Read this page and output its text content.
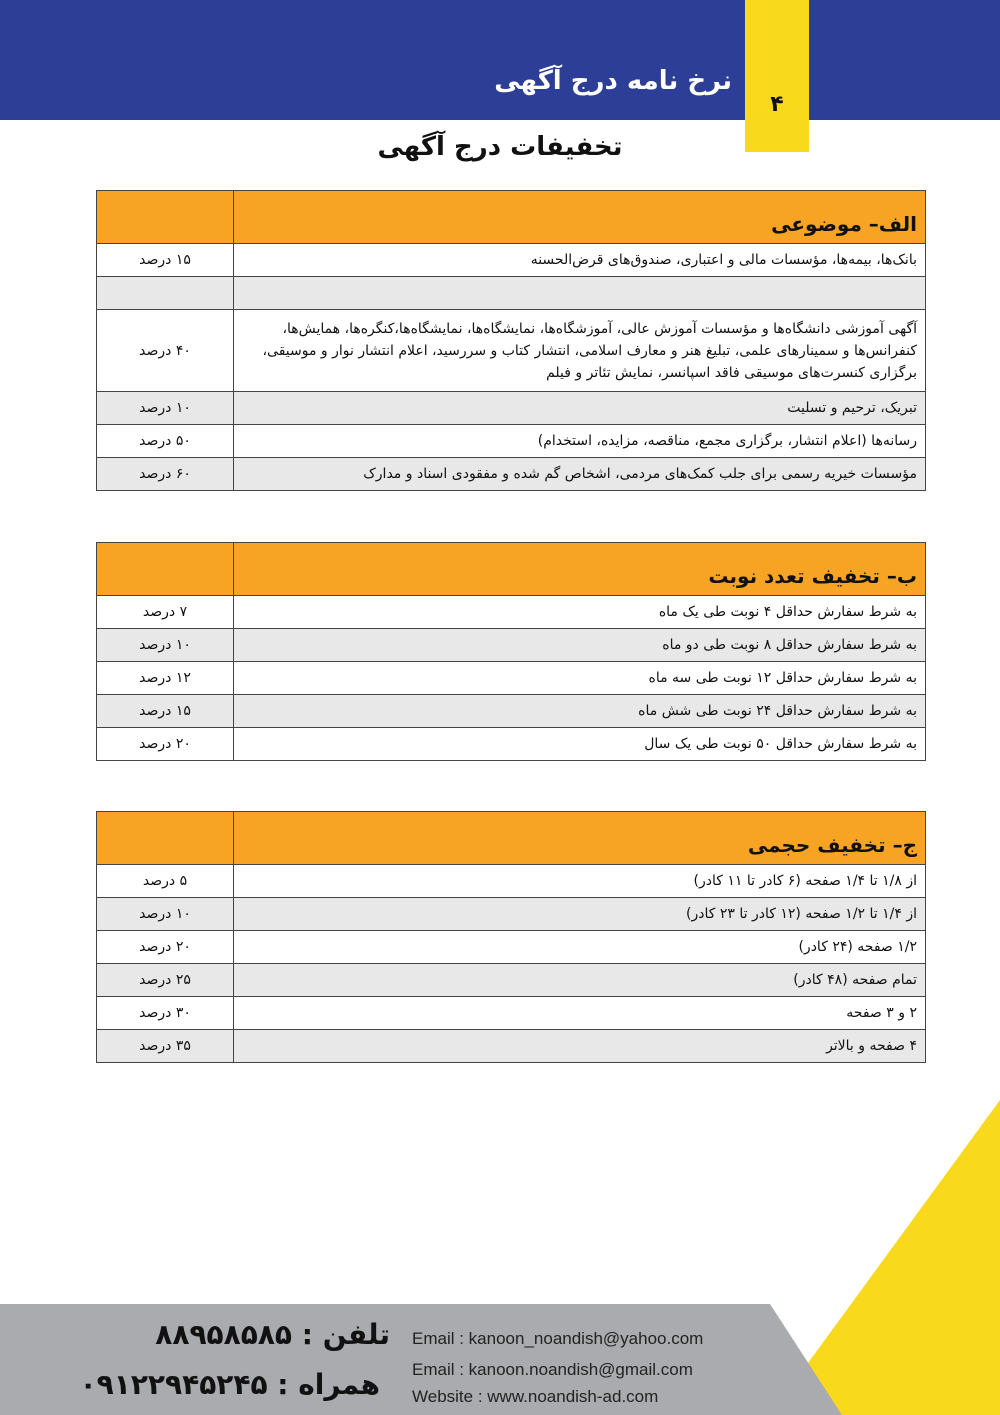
نرخ نامه درج آگهی
۴
تخفیفات درج آگهی
الف– موضوعی	
بانک‌ها، بیمه‌ها، مؤسسات مالی و اعتباری، صندوق‌های قرض‌الحسنه	۱۵ درصد

آگهی آموزشی دانشگاه‌ها و مؤسسات آموزش عالی، آموزشگاه‌ها، نمایشگاه‌ها، نمایشگاه‌ها،کنگره‌ها، همایش‌ها، کنفرانس‌ها و سمینارهای علمی، تبلیغ هنر و معارف اسلامی، انتشار کتاب و سررسید، اعلام انتشار نوار و موسیقی، برگزاری کنسرت‌های موسیقی فاقد اسپانسر، نمایش تئاتر و فیلم	۴۰ درصد
تبریک، ترحیم و تسلیت	۱۰ درصد
رسانه‌ها (اعلام انتشار، برگزاری مجمع، مناقصه، مزایده، استخدام)	۵۰ درصد
مؤسسات خیریه رسمی برای جلب کمک‌های مردمی، اشخاص گم شده و مفقودی اسناد و مدارک	۶۰ درصد
ب– تخفیف تعدد نوبت	
به شرط سفارش حداقل ۴ نوبت طی یک ماه	۷ درصد
به شرط سفارش حداقل ۸ نوبت طی دو ماه	۱۰ درصد
به شرط سفارش حداقل ۱۲ نوبت طی سه ماه	۱۲ درصد
به شرط سفارش حداقل ۲۴ نوبت طی شش ماه	۱۵ درصد
به شرط سفارش حداقل ۵۰ نوبت طی یک سال	۲۰ درصد
ج– تخفیف حجمی	
از ۱/۸ تا ۱/۴ صفحه (۶ کادر تا ۱۱ کادر)	۵ درصد
از ۱/۴ تا ۱/۲ صفحه (۱۲ کادر تا ۲۳ کادر)	۱۰ درصد
۱/۲ صفحه (۲۴ کادر)	۲۰ درصد
تمام صفحه (۴۸ کادر)	۲۵ درصد
۲ و ۳ صفحه	۳۰ درصد
۴ صفحه و بالاتر	۳۵ درصد
تلفن : ۸۸۹۵۸۵۸۵
همراه : ۰۹۱۲۲۹۴۵۲۴۵
Email : kanoon_noandish@yahoo.com
Email : kanoon.noandish@gmail.com
Website : www.noandish-ad.com
